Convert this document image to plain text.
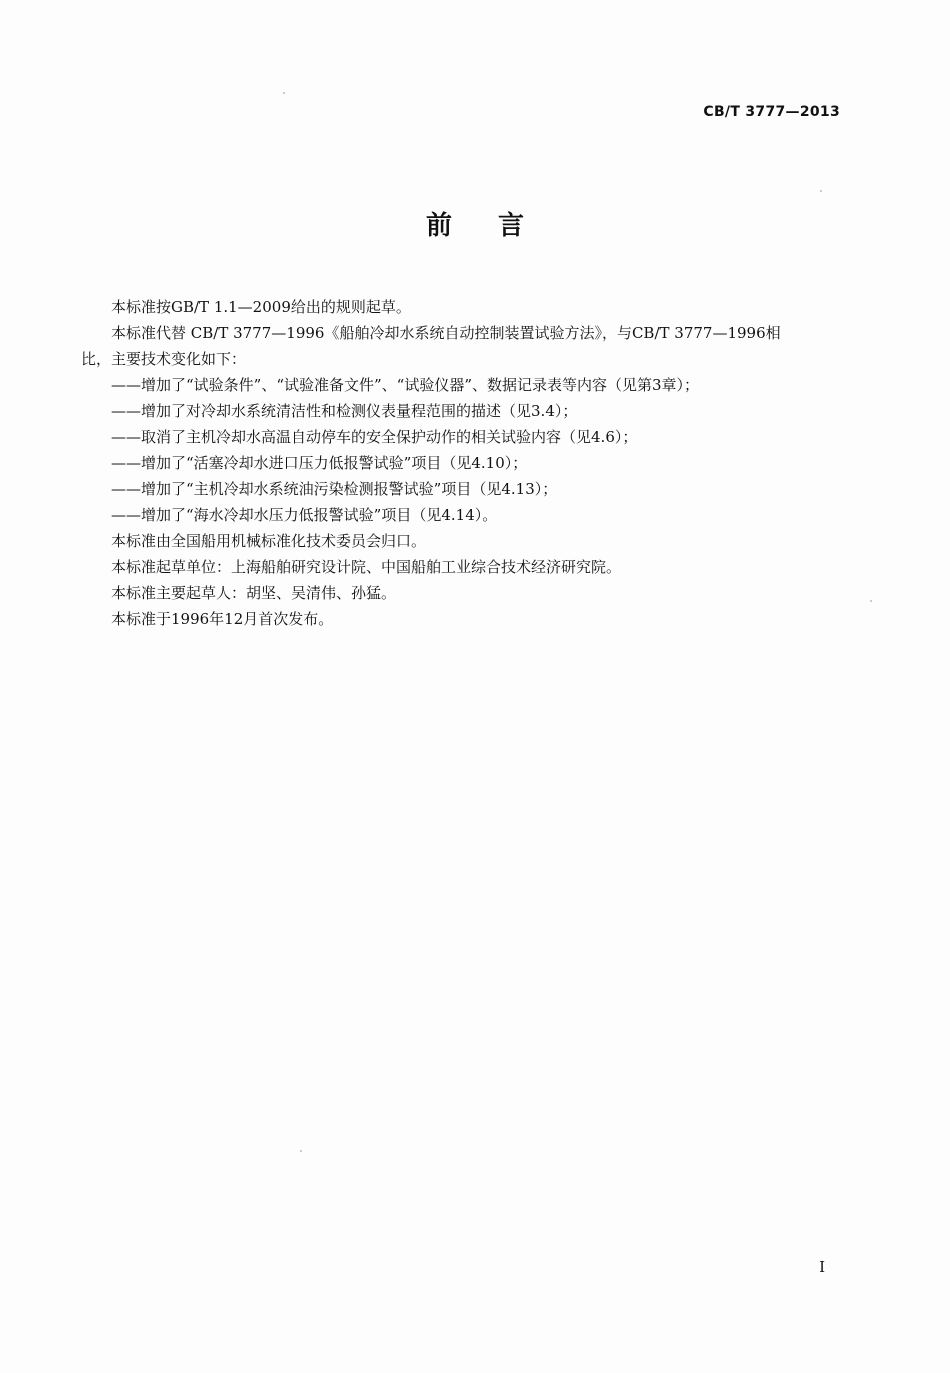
CB/T 3777—2013
前言

本标准按GB/T 1.1—2009给出的规则起草。

本标准代替 CB/T 3777—1996《船舶冷却水系统自动控制装置试验方法》，与CB/T 3777—1996相

比，主要技术变化如下：

——增加了“试验条件”、“试验准备文件”、“试验仪器”、数据记录表等内容（见第3章）；

——增加了对冷却水系统清洁性和检测仪表量程范围的描述（见3.4）；

——取消了主机冷却水高温自动停车的安全保护动作的相关试验内容（见4.6）；

——增加了“活塞冷却水进口压力低报警试验”项目（见4.10）；

——增加了“主机冷却水系统油污染检测报警试验”项目（见4.13）；

——增加了“海水冷却水压力低报警试验”项目（见4.14）。

本标准由全国船用机械标准化技术委员会归口。

本标准起草单位：上海船舶研究设计院、中国船舶工业综合技术经济研究院。

本标准主要起草人：胡坚、吴清伟、孙猛。

本标准于1996年12月首次发布。

I
